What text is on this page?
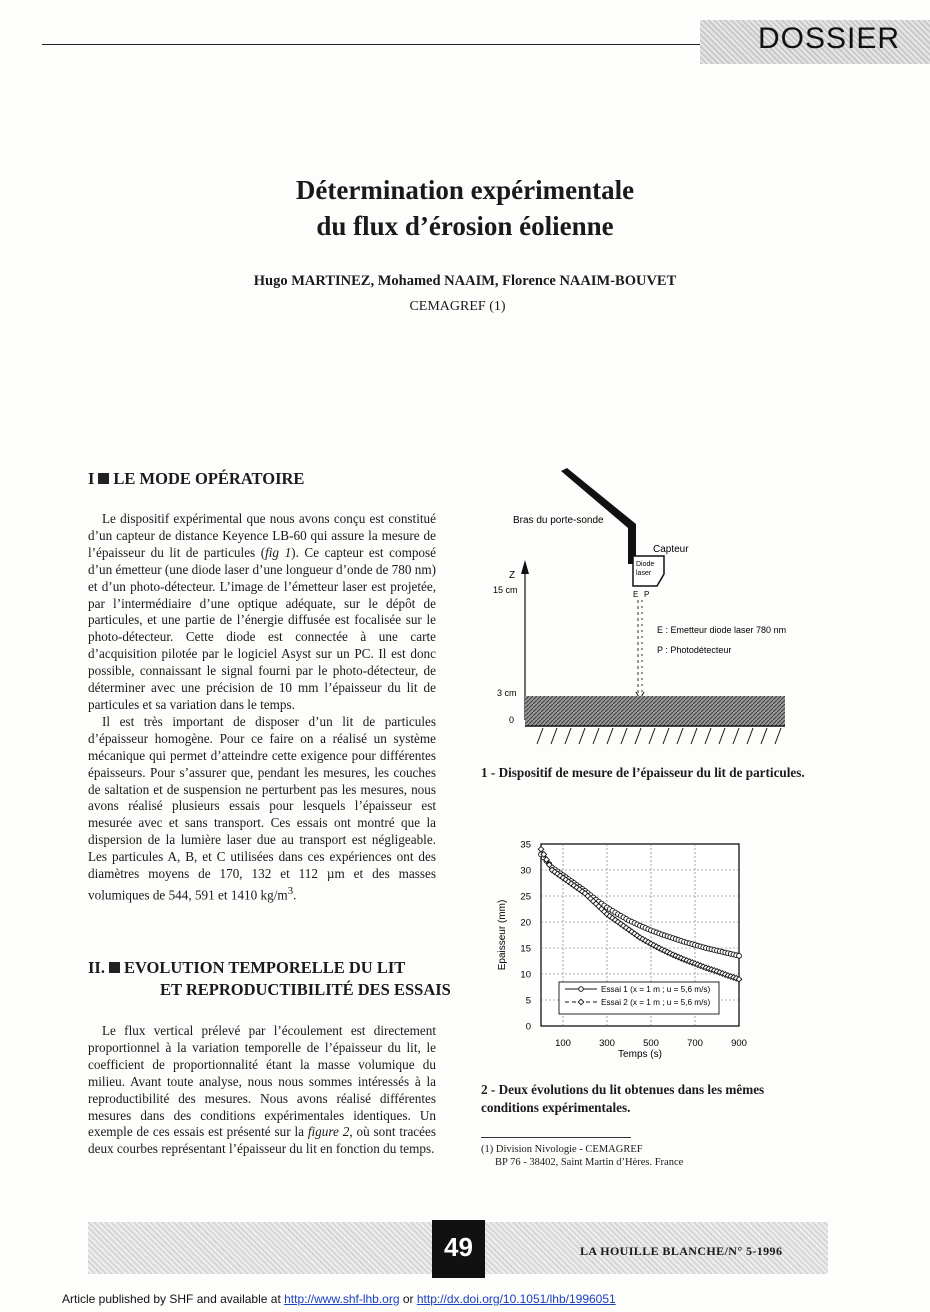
DOSSIER
Détermination expérimentale
du flux d’érosion éolienne
Hugo MARTINEZ, Mohamed NAAIM, Florence NAAIM-BOUVET
CEMAGREF (1)
I LE MODE OPÉRATOIRE

Le dispositif expérimental que nous avons conçu est constitué d’un capteur de distance Keyence LB-60 qui assure la mesure de l’épaisseur du lit de particules (fig 1). Ce capteur est composé d’un émetteur (une diode laser d’une longueur d’onde de 780 nm) et d’un photo-détecteur. L’image de l’émetteur laser est projetée, par l’intermédiaire d’une optique adéquate, sur le dépôt de particules, et une partie de l’énergie diffusée est focalisée sur le photo-détecteur. Cette diode est connectée à une carte d’acquisition pilotée par le logiciel Asyst sur un PC. Il est donc possible, connaissant le signal fourni par le photo-détecteur, de déterminer avec une précision de 10 mm l’épaisseur du lit de particules et sa variation dans le temps.

Il est très important de disposer d’un lit de particules d’épaisseur homogène. Pour ce faire on a réalisé un système mécanique qui permet d’atteindre cette exigence pour différentes épaisseurs. Pour s’assurer que, pendant les mesures, les couches de saltation et de suspension ne perturbent pas les mesures, nous avons réalisé plusieurs essais pour lesquels l’épaisseur est mesurée avec et sans transport. Ces essais ont montré que la dispersion de la lumière laser due au transport est négligeable. Les particules A, B, et C utilisées dans ces expériences ont des diamètres moyens de 170, 132 et 112 µm et des masses volumiques de 544, 591 et 1410 $kg/m^3$.

II. EVOLUTION TEMPORELLE DU LIT
ET REPRODUCTIBILITÉ DES ESSAIS

Le flux vertical prélevé par l’écoulement est directement proportionnel à la variation temporelle de l’épaisseur du lit, le coefficient de proportionnalité étant la masse volumique du milieu. Avant toute analyse, nous nous sommes intéressés à la reproductibilité des mesures. Nous avons réalisé différentes mesures dans des conditions expérimentales identiques. Un exemple de ces essais est présenté sur la figure 2, où sont tracées deux courbes représentant l’épaisseur du lit en fonction du temps.

Diode
laser
Bras du porte-sonde
Capteur
E P
Z
15 cm
3 cm
0
E : Emetteur diode laser 780 nm
P : Photodétecteur
1 - Dispositif de mesure de l’épaisseur du lit de particules.
0
5
10
15
20
25
30
35
100	300	500	700	900
Temps (s)
Epaisseur (mm)
Essai 1 (x = 1 m ; u = 5,6 m/s)
Essai 2 (x = 1 m ; u = 5,6 m/s)
2 - Deux évolutions du lit obtenues dans les mêmes conditions expérimentales.
(1) Division Nivologie - CEMAGREF
BP 76 - 38402, Saint Martin d’Hères. France
49	LA HOUILLE BLANCHE/N° 5-1996
Article published by SHF and available at http://www.shf-lhb.org or http://dx.doi.org/10.1051/lhb/1996051
